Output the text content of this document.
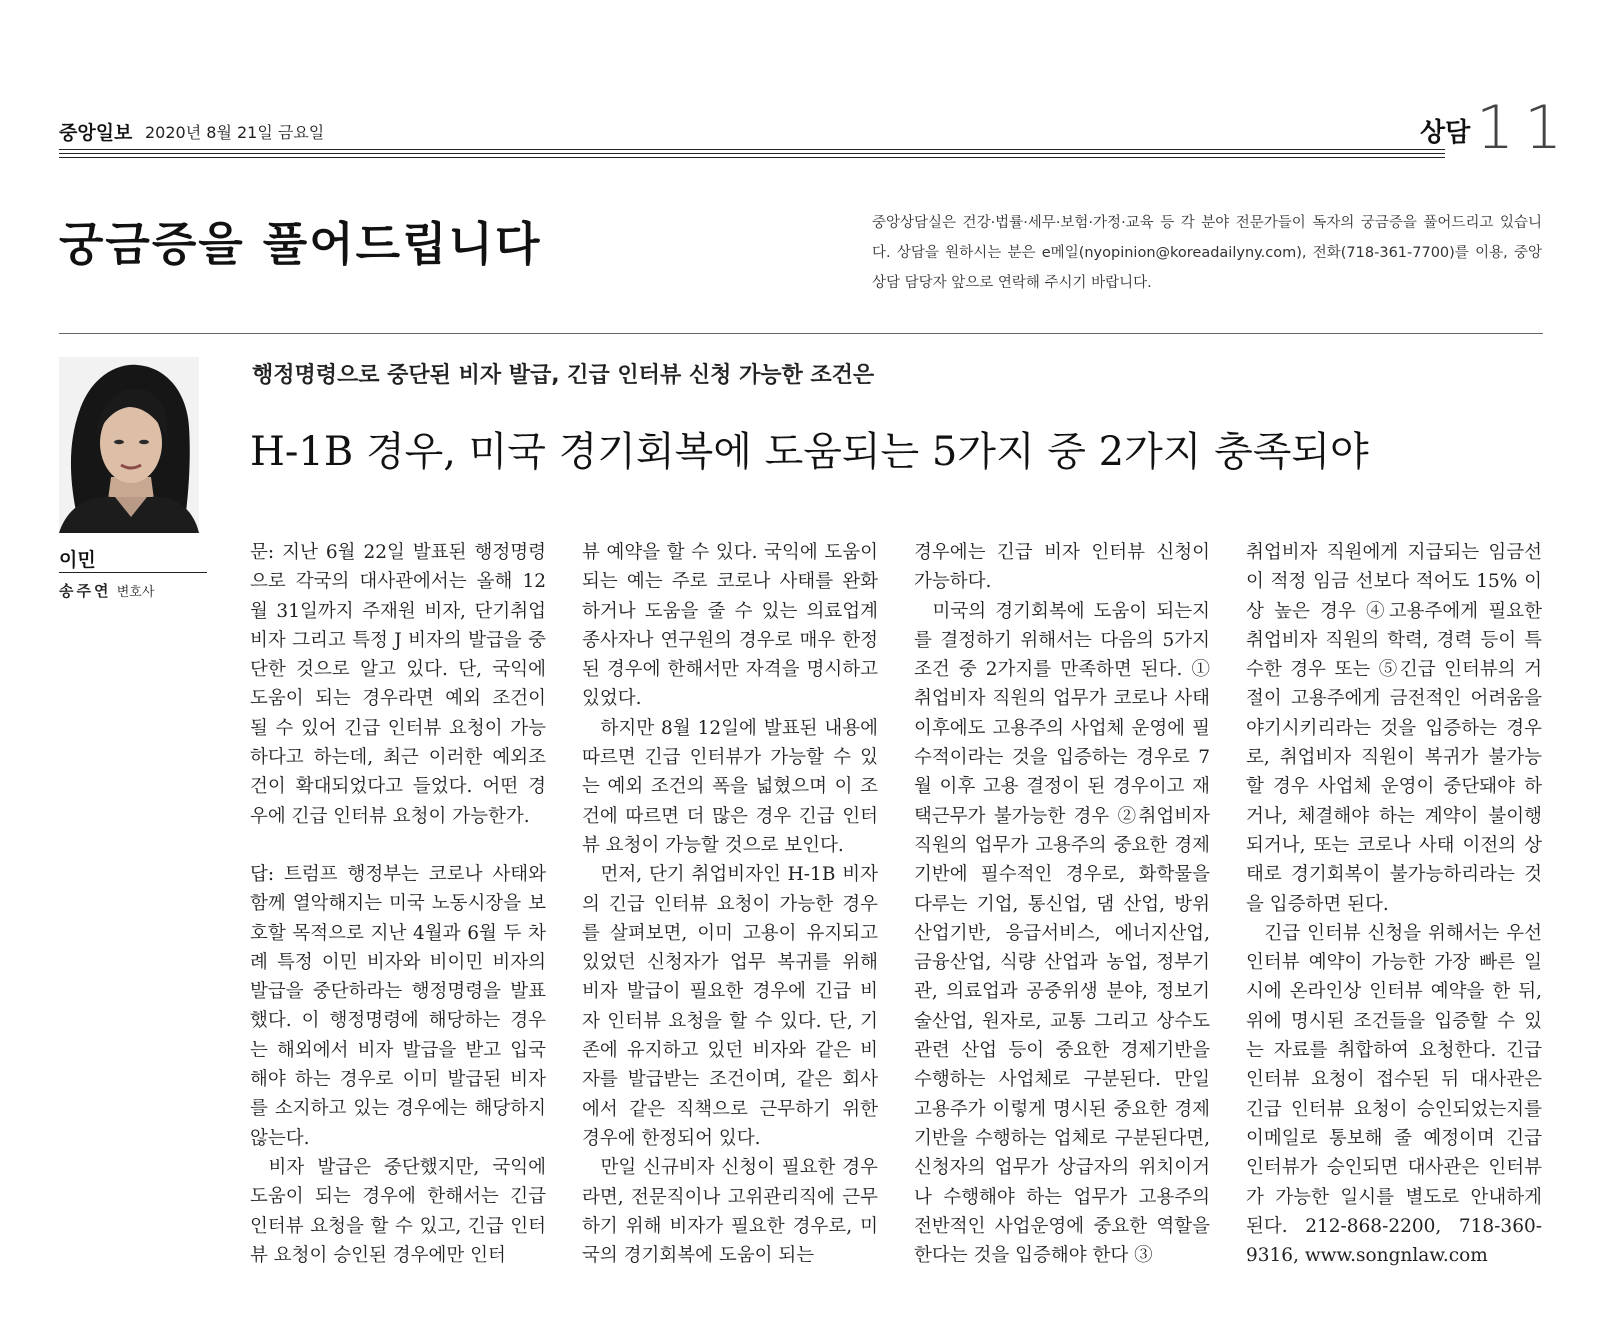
중앙일보 2020년 8월 21일 금요일	상담 11
궁금증을 풀어드립니다	중앙상담실은 건강·법률·세무·보험·가정·교육 등 각 분야 전문가들이 독자의 궁금증을 풀어드리고 있습니다. 상담을 원하시는 분은 e메일(nyopinion@koreadailyny.com), 전화(718-361-7700)를 이용, 중앙상담 담당자 앞으로 연락해 주시기 바랍니다.
이민
송주연 변호사
행정명령으로 중단된 비자 발급, 긴급 인터뷰 신청 가능한 조건은
H-1B 경우, 미국 경기회복에 도움되는 5가지 중 2가지 충족되야

문: 지난 6월 22일 발표된 행정명령으로 각국의 대사관에서는 올해 12월 31일까지 주재원 비자, 단기취업 비자 그리고 특정 J 비자의 발급을 중단한 것으로 알고 있다. 단, 국익에 도움이 되는 경우라면 예외 조건이 될 수 있어 긴급 인터뷰 요청이 가능하다고 하는데, 최근 이러한 예외조건이 확대되었다고 들었다. 어떤 경우에 긴급 인터뷰 요청이 가능한가.

답: 트럼프 행정부는 코로나 사태와 함께 열악해지는 미국 노동시장을 보호할 목적으로 지난 4월과 6월 두 차례 특정 이민 비자와 비이민 비자의 발급을 중단하라는 행정명령을 발표했다. 이 행정명령에 해당하는 경우는 해외에서 비자 발급을 받고 입국해야 하는 경우로 이미 발급된 비자를 소지하고 있는 경우에는 해당하지 않는다.

비자 발급은 중단했지만, 국익에 도움이 되는 경우에 한해서는 긴급 인터뷰 요청을 할 수 있고, 긴급 인터뷰 요청이 승인된 경우에만 인터

뷰 예약을 할 수 있다. 국익에 도움이 되는 예는 주로 코로나 사태를 완화하거나 도움을 줄 수 있는 의료업계 종사자나 연구원의 경우로 매우 한정된 경우에 한해서만 자격을 명시하고 있었다.

하지만 8월 12일에 발표된 내용에 따르면 긴급 인터뷰가 가능할 수 있는 예외 조건의 폭을 넓혔으며 이 조건에 따르면 더 많은 경우 긴급 인터뷰 요청이 가능할 것으로 보인다.

먼저, 단기 취업비자인 H-1B 비자의 긴급 인터뷰 요청이 가능한 경우를 살펴보면, 이미 고용이 유지되고 있었던 신청자가 업무 복귀를 위해 비자 발급이 필요한 경우에 긴급 비자 인터뷰 요청을 할 수 있다. 단, 기존에 유지하고 있던 비자와 같은 비자를 발급받는 조건이며, 같은 회사에서 같은 직책으로 근무하기 위한 경우에 한정되어 있다.

만일 신규비자 신청이 필요한 경우라면, 전문직이나 고위관리직에 근무하기 위해 비자가 필요한 경우로, 미국의 경기회복에 도움이 되는

경우에는 긴급 비자 인터뷰 신청이 가능하다.

미국의 경기회복에 도움이 되는지를 결정하기 위해서는 다음의 5가지 조건 중 2가지를 만족하면 된다. ①취업비자 직원의 업무가 코로나 사태 이후에도 고용주의 사업체 운영에 필수적이라는 것을 입증하는 경우로 7월 이후 고용 결정이 된 경우이고 재택근무가 불가능한 경우 ②취업비자 직원의 업무가 고용주의 중요한 경제기반에 필수적인 경우로, 화학물을 다루는 기업, 통신업, 댐 산업, 방위산업기반, 응급서비스, 에너지산업, 금융산업, 식량 산업과 농업, 정부기관, 의료업과 공중위생 분야, 정보기술산업, 원자로, 교통 그리고 상수도 관련 산업 등이 중요한 경제기반을 수행하는 사업체로 구분된다. 만일 고용주가 이렇게 명시된 중요한 경제기반을 수행하는 업체로 구분된다면, 신청자의 업무가 상급자의 위치이거나 수행해야 하는 업무가 고용주의 전반적인 사업운영에 중요한 역할을 한다는 것을 입증해야 한다 ③

취업비자 직원에게 지급되는 임금선이 적정 임금 선보다 적어도 15% 이상 높은 경우 ④고용주에게 필요한 취업비자 직원의 학력, 경력 등이 특수한 경우 또는 ⑤긴급 인터뷰의 거절이 고용주에게 금전적인 어려움을 야기시키리라는 것을 입증하는 경우로, 취업비자 직원이 복귀가 불가능할 경우 사업체 운영이 중단돼야 하거나, 체결해야 하는 계약이 불이행되거나, 또는 코로나 사태 이전의 상태로 경기회복이 불가능하리라는 것을 입증하면 된다.

긴급 인터뷰 신청을 위해서는 우선 인터뷰 예약이 가능한 가장 빠른 일시에 온라인상 인터뷰 예약을 한 뒤, 위에 명시된 조건들을 입증할 수 있는 자료를 취합하여 요청한다. 긴급 인터뷰 요청이 접수된 뒤 대사관은 긴급 인터뷰 요청이 승인되었는지를 이메일로 통보해 줄 예정이며 긴급 인터뷰가 승인되면 대사관은 인터뷰가 가능한 일시를 별도로 안내하게 된다. 212-868-2200, 718-360-9316, www.songnlaw.com
